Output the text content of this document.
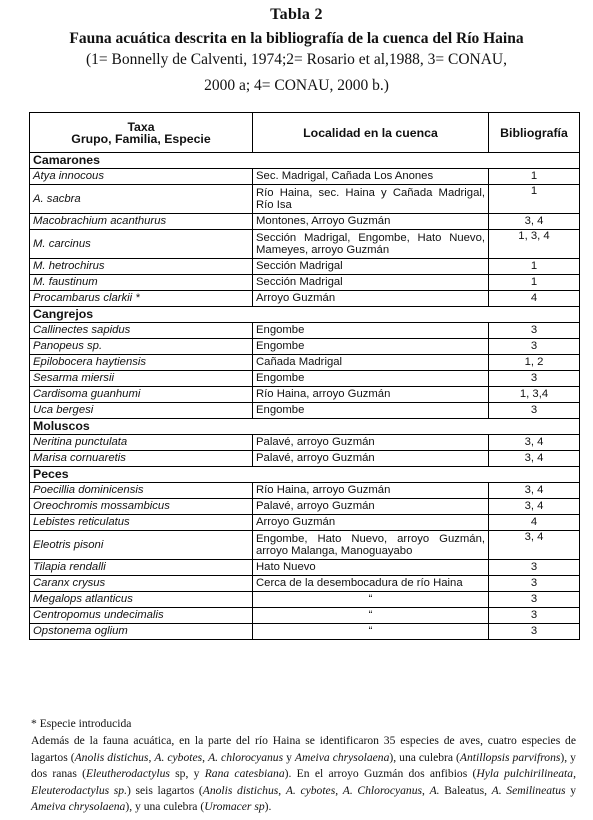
Tabla 2
Fauna acuática descrita en la bibliografía de la cuenca del Río Haina
(1= Bonnelly de Calventi, 1974;2= Rosario et al,1988, 3= CONAU,
2000 a; 4= CONAU, 2000 b.)
Taxa
Grupo, Familia, Especie	Localidad en la cuenca	Bibliografía
Camarones		
Atya innocous	Sec. Madrigal, Cañada Los Anones	1
A. sacbra	Río Haina, sec. Haina y Cañada Madrigal, Río Isa	1
Macobrachium acanthurus	Montones, Arroyo Guzmán	3, 4
M. carcinus	Sección Madrigal, Engombe, Hato Nuevo, Mameyes, arroyo Guzmán	1, 3, 4
M. hetrochirus	Sección Madrigal	1
M. faustinum	Sección Madrigal	1
Procambarus clarkii *	Arroyo Guzmán	4
Cangrejos		
Callinectes sapidus	Engombe	3
Panopeus sp.	Engombe	3
Epilobocera haytiensis	Cañada Madrigal	1, 2
Sesarma miersii	Engombe	3
Cardisoma guanhumi	Río Haina, arroyo Guzmán	1, 3,4
Uca bergesi	Engombe	3
Moluscos		
Neritina punctulata	Palavé, arroyo Guzmán	3, 4
Marisa cornuaretis	Palavé, arroyo Guzmán	3, 4
Peces		
Poecillia dominicensis	Río Haina, arroyo Guzmán	3, 4
Oreochromis mossambicus	Palavé, arroyo Guzmán	3, 4
Lebistes reticulatus	Arroyo Guzmán	4
Eleotris pisoni	Engombe, Hato Nuevo, arroyo Guzmán, arroyo Malanga, Manoguayabo	3, 4
Tilapia rendalli	Hato Nuevo	3
Caranx crysus	Cerca de la desembocadura de río Haina	3
Megalops atlanticus	“	3
Centropomus undecimalis	“	3
Opstonema oglium	“	3
* Especie introducida
Además de la fauna acuática, en la parte del río Haina se identificaron 35 especies de aves, cuatro especies de lagartos (Anolis distichus, A. cybotes, A. chlorocyanus y Ameiva chrysolaena), una culebra (Antillopsis parvifrons), y dos ranas (Eleutherodactylus sp, y Rana catesbiana). En el arroyo Guzmán dos anfibios (Hyla pulchirilineata, Eleuterodactylus sp.) seis lagartos (Anolis distichus, A. cybotes, A. Chlorocyanus, A. Baleatus, A. Semilineatus y Ameiva chrysolaena), y una culebra (Uromacer sp).
